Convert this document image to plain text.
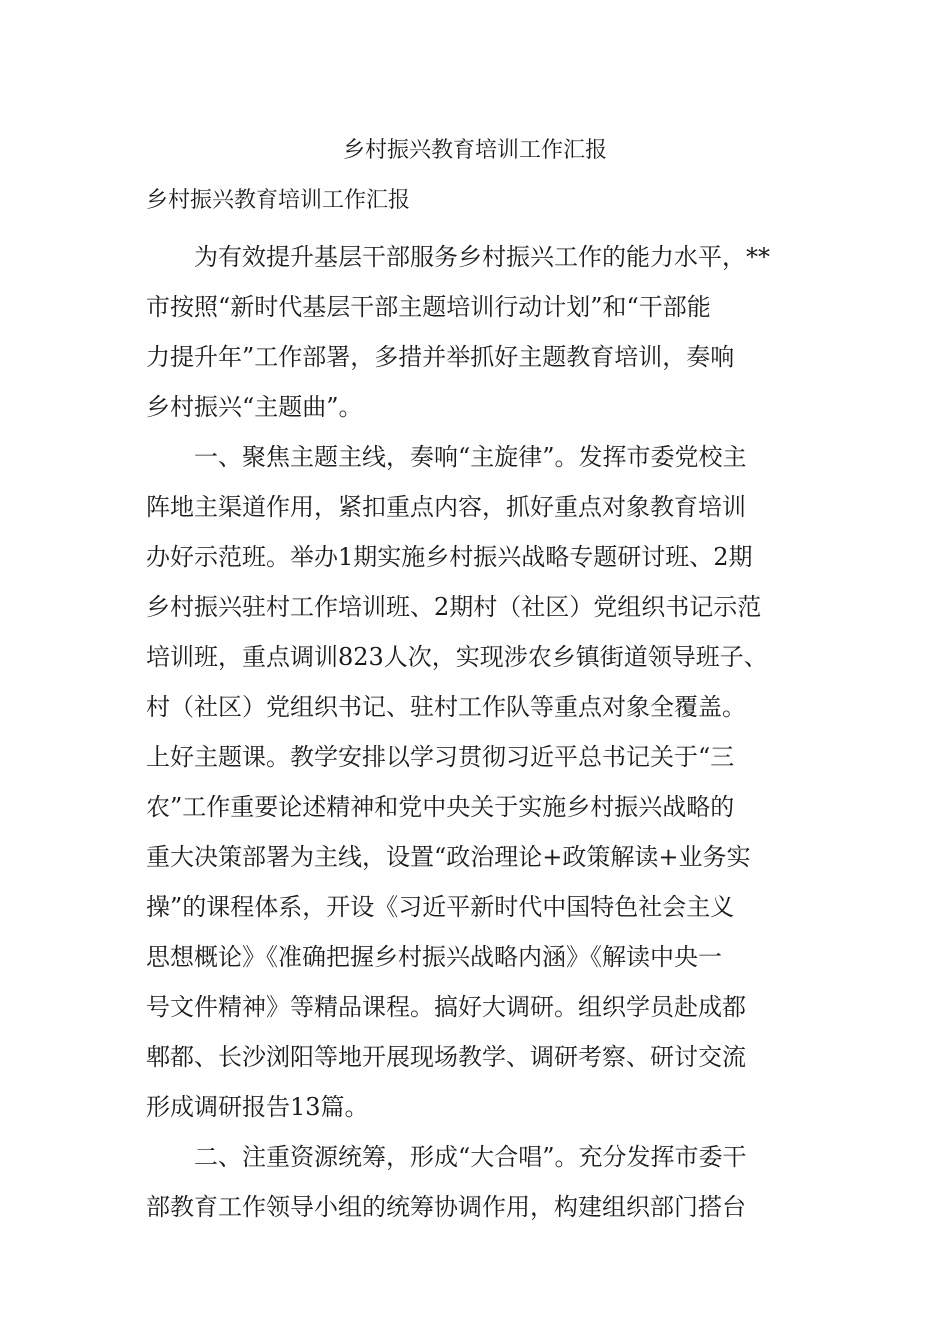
乡村振兴教育培训工作汇报

乡村振兴教育培训工作汇报

　　为有效提升基层干部服务乡村振兴工作的能力水平，**

市按照“新时代基层干部主题培训行动计划”和“干部能

力提升年”工作部署，多措并举抓好主题教育培训，奏响

乡村振兴“主题曲”。

　　一、聚焦主题主线，奏响“主旋律”。发挥市委党校主

阵地主渠道作用，紧扣重点内容，抓好重点对象教育培训

办好示范班。举办1期实施乡村振兴战略专题研讨班、2期

乡村振兴驻村工作培训班、2期村（社区）党组织书记示范

培训班，重点调训823人次，实现涉农乡镇街道领导班子、

村（社区）党组织书记、驻村工作队等重点对象全覆盖。

上好主题课。教学安排以学习贯彻习近平总书记关于“三

农”工作重要论述精神和党中央关于实施乡村振兴战略的

重大决策部署为主线，设置“政治理论+政策解读+业务实

操”的课程体系，开设《习近平新时代中国特色社会主义

思想概论》《准确把握乡村振兴战略内涵》《解读中央一

号文件精神》等精品课程。搞好大调研。组织学员赴成都

郫都、长沙浏阳等地开展现场教学、调研考察、研讨交流

形成调研报告13篇。

　　二、注重资源统筹，形成“大合唱”。充分发挥市委干

部教育工作领导小组的统筹协调作用，构建组织部门搭台
